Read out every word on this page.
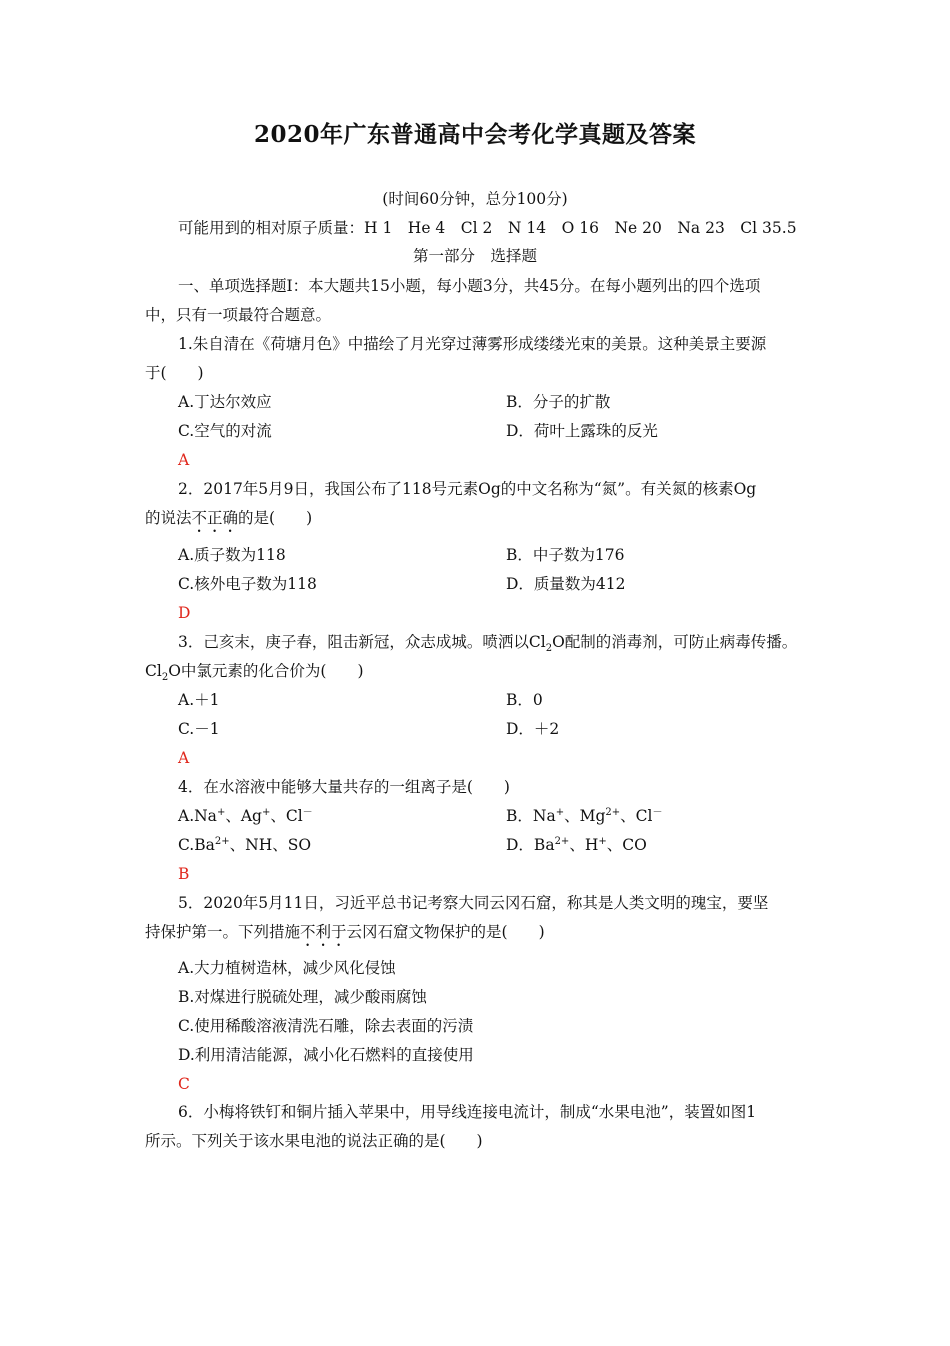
2020年广东普通高中会考化学真题及答案
(时间60分钟，总分100分)
可能用到的相对原子质量：H 1　He 4　Cl 2　N 14　O 16　Ne 20　Na 23　Cl 35.5
第一部分　选择题
一、单项选择题Ⅰ：本大题共15小题，每小题3分，共45分。在每小题列出的四个选项
中，只有一项最符合题意。
1.朱自清在《荷塘月色》中描绘了月光穿过薄雾形成缕缕光束的美景。这种美景主要源
于(　　)
A.丁达尔效应	B．分子的扩散
C.空气的对流	D．荷叶上露珠的反光
A
2．2017年5月9日，我国公布了118号元素Og的中文名称为“氮”。有关氮的核素Og
的说法不正确的是(　　)
A.质子数为118	B．中子数为176
C.核外电子数为118	D．质量数为412
D
3．己亥末，庚子春，阻击新冠，众志成城。喷洒以$Cl_2O$配制的消毒剂，可防止病毒传播。
$Cl_2O$中氯元素的化合价为(　　)
A.＋1	B．0
C.－1	D．＋2
A
4．在水溶液中能够大量共存的一组离子是(　　)
A.Na+、Ag+、Cl－	B．Na+、$Mg^{2+}$、Cl－
$C.Ba^{2+}$、NH、SO	D．$Ba^{2+}$、H+、CO
B
5．2020年5月11日，习近平总书记考察大同云冈石窟，称其是人类文明的瑰宝，要坚
持保护第一。下列措施不利于云冈石窟文物保护的是(　　)
A.大力植树造林，减少风化侵蚀
B.对煤进行脱硫处理，减少酸雨腐蚀
C.使用稀酸溶液清洗石雕，除去表面的污渍
D.利用清洁能源，减小化石燃料的直接使用
C
6．小梅将铁钉和铜片插入苹果中，用导线连接电流计，制成“水果电池”，装置如图1
所示。下列关于该水果电池的说法正确的是(　　)
